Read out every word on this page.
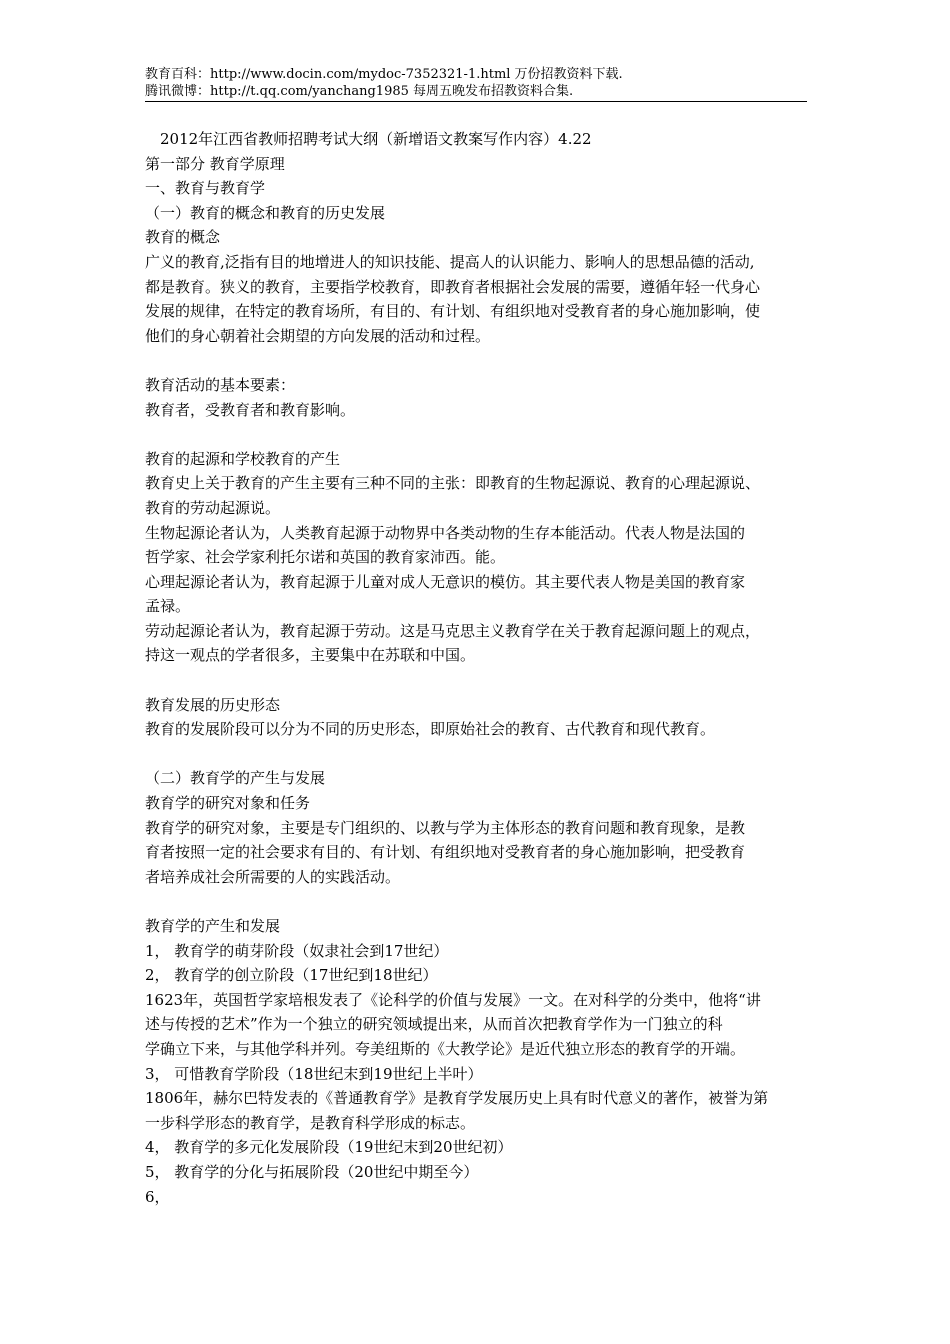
教育百科：http://www.docin.com/mydoc-7352321-1.html 万份招教资料下载.
腾讯微博：http://t.qq.com/yanchang1985 每周五晚发布招教资料合集.

2012年江西省教师招聘考试大纲（新增语文教案写作内容）4.22

第一部分 教育学原理

一、教育与教育学

（一）教育的概念和教育的历史发展

教育的概念

广义的教育,泛指有目的地增进人的知识技能、提高人的认识能力、影响人的思想品德的活动,

都是教育。狭义的教育，主要指学校教育，即教育者根据社会发展的需要，遵循年轻一代身心

发展的规律，在特定的教育场所，有目的、有计划、有组织地对受教育者的身心施加影响，使

他们的身心朝着社会期望的方向发展的活动和过程。

教育活动的基本要素：

教育者，受教育者和教育影响。

教育的起源和学校教育的产生

教育史上关于教育的产生主要有三种不同的主张：即教育的生物起源说、教育的心理起源说、

教育的劳动起源说。

生物起源论者认为，人类教育起源于动物界中各类动物的生存本能活动。代表人物是法国的

哲学家、社会学家利托尔诺和英国的教育家沛西。能。

心理起源论者认为，教育起源于儿童对成人无意识的模仿。其主要代表人物是美国的教育家

孟禄。

劳动起源论者认为，教育起源于劳动。这是马克思主义教育学在关于教育起源问题上的观点，

持这一观点的学者很多，主要集中在苏联和中国。

教育发展的历史形态

教育的发展阶段可以分为不同的历史形态，即原始社会的教育、古代教育和现代教育。

（二）教育学的产生与发展

教育学的研究对象和任务

教育学的研究对象，主要是专门组织的、以教与学为主体形态的教育问题和教育现象，是教

育者按照一定的社会要求有目的、有计划、有组织地对受教育者的身心施加影响，把受教育

者培养成社会所需要的人的实践活动。

教育学的产生和发展

1， 教育学的萌芽阶段（奴隶社会到17世纪）

2， 教育学的创立阶段（17世纪到18世纪）

1623年，英国哲学家培根发表了《论科学的价值与发展》一文。在对科学的分类中，他将“讲

述与传授的艺术”作为一个独立的研究领域提出来，从而首次把教育学作为一门独立的科

学确立下来，与其他学科并列。夸美纽斯的《大教学论》是近代独立形态的教育学的开端。

3， 可惜教育学阶段（18世纪末到19世纪上半叶）

1806年，赫尔巴特发表的《普通教育学》是教育学发展历史上具有时代意义的著作，被誉为第

一步科学形态的教育学，是教育科学形成的标志。

4， 教育学的多元化发展阶段（19世纪末到20世纪初）

5， 教育学的分化与拓展阶段（20世纪中期至今）

6，
